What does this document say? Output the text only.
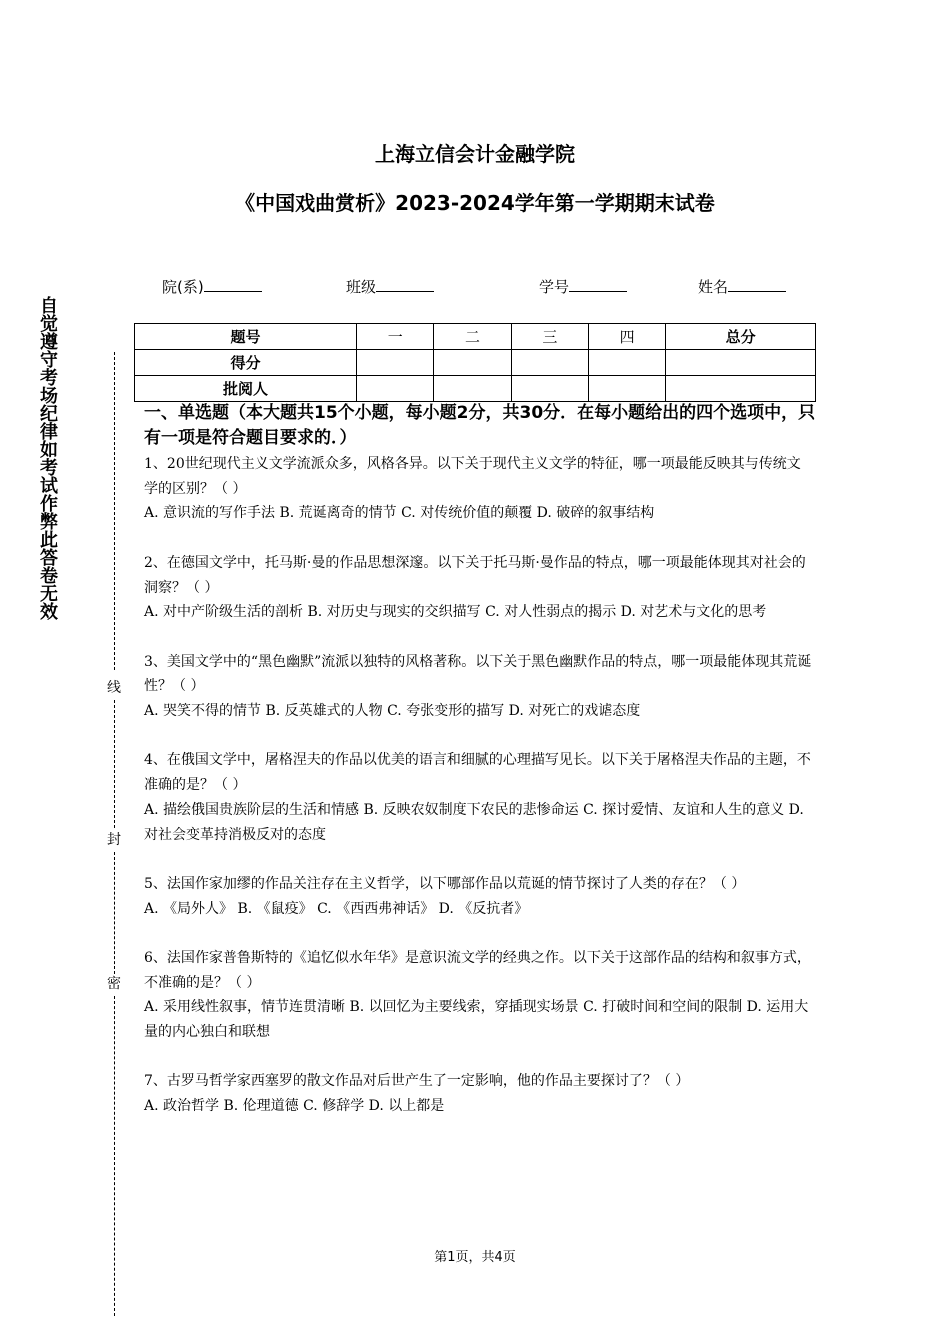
上海立信会计金融学院
《中国戏曲赏析》2023-2024学年第一学期期末试卷
自觉遵守考场纪律如考试作弊此答卷无效
线
封
密
院(系)	班级	学号	姓名
题号	一	二	三	四	总分
得分					
批阅人					
一、单选题（本大题共15个小题，每小题2分，共30分．在每小题给出的四个选项中，只有一项是符合题目要求的．）

1、20世纪现代主义文学流派众多，风格各异。以下关于现代主义文学的特征，哪一项最能反映其与传统文学的区别？（ ）

A. 意识流的写作手法 B. 荒诞离奇的情节 C. 对传统价值的颠覆 D. 破碎的叙事结构

2、在德国文学中，托马斯·曼的作品思想深邃。以下关于托马斯·曼作品的特点，哪一项最能体现其对社会的洞察？（ ）

A. 对中产阶级生活的剖析 B. 对历史与现实的交织描写 C. 对人性弱点的揭示 D. 对艺术与文化的思考

3、美国文学中的“黑色幽默”流派以独特的风格著称。以下关于黑色幽默作品的特点，哪一项最能体现其荒诞性？（ ）

A. 哭笑不得的情节 B. 反英雄式的人物 C. 夸张变形的描写 D. 对死亡的戏谑态度

4、在俄国文学中，屠格涅夫的作品以优美的语言和细腻的心理描写见长。以下关于屠格涅夫作品的主题，不准确的是？（ ）

A. 描绘俄国贵族阶层的生活和情感 B. 反映农奴制度下农民的悲惨命运 C. 探讨爱情、友谊和人生的意义 D. 对社会变革持消极反对的态度

5、法国作家加缪的作品关注存在主义哲学，以下哪部作品以荒诞的情节探讨了人类的存在？（ ）

A. 《局外人》 B. 《鼠疫》 C. 《西西弗神话》 D. 《反抗者》

6、法国作家普鲁斯特的《追忆似水年华》是意识流文学的经典之作。以下关于这部作品的结构和叙事方式，不准确的是？（ ）

A. 采用线性叙事，情节连贯清晰 B. 以回忆为主要线索，穿插现实场景 C. 打破时间和空间的限制 D. 运用大量的内心独白和联想

7、古罗马哲学家西塞罗的散文作品对后世产生了一定影响，他的作品主要探讨了？（ ）

A. 政治哲学 B. 伦理道德 C. 修辞学 D. 以上都是

第1页，共4页
